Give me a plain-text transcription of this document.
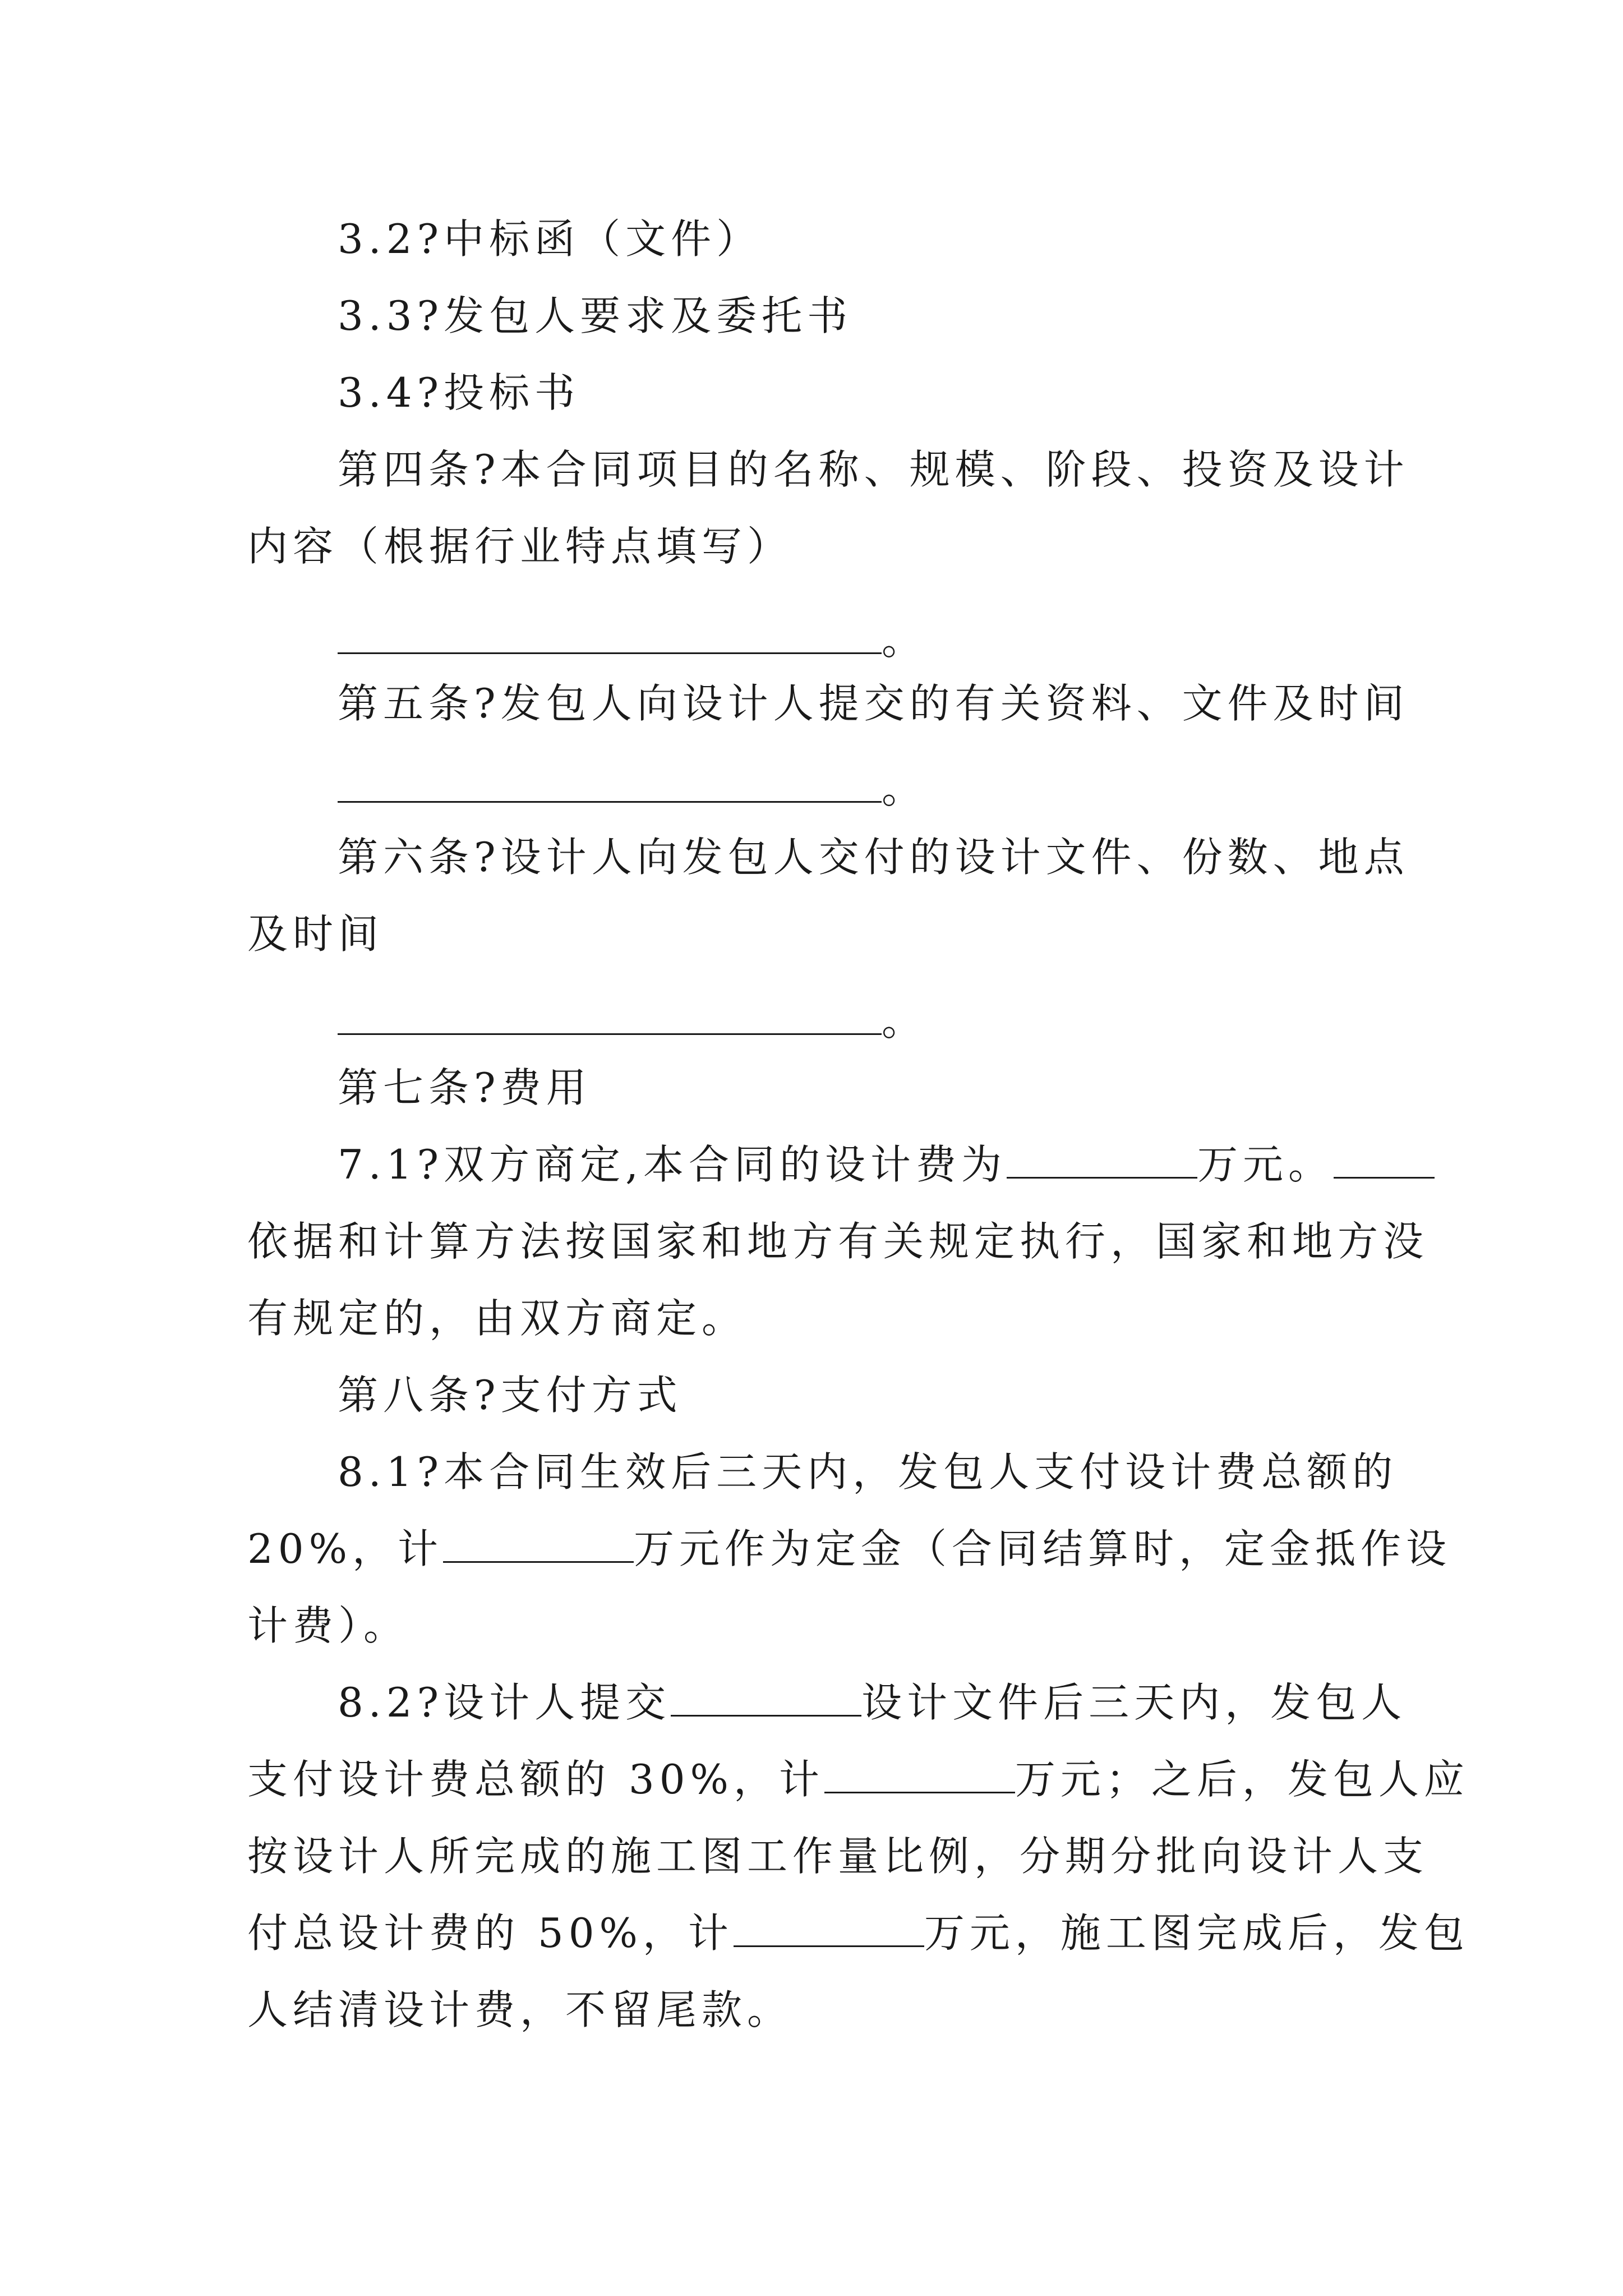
3.2?中标函（文件）
3.3?发包人要求及委托书
3.4?投标书
第四条?本合同项目的名称、规模、阶段、投资及设计
内容（根据行业特点填写）
。
第五条?发包人向设计人提交的有关资料、文件及时间
。
第六条?设计人向发包人交付的设计文件、份数、地点
及时间
。
第七条?费用
7.1?双方商定,本合同的设计费为	万元。
依据和计算方法按国家和地方有关规定执行，国家和地方没
有规定的，由双方商定。
第八条?支付方式
8.1?本合同生效后三天内，发包人支付设计费总额的
20%，计	万元作为定金（合同结算时，定金抵作设
计费）。
8.2?设计人提交	设计文件后三天内，发包人
支付设计费总额的 30%，计	万元；之后，发包人应
按设计人所完成的施工图工作量比例，分期分批向设计人支
付总设计费的 50%，计	万元，施工图完成后，发包
人结清设计费，不留尾款。
